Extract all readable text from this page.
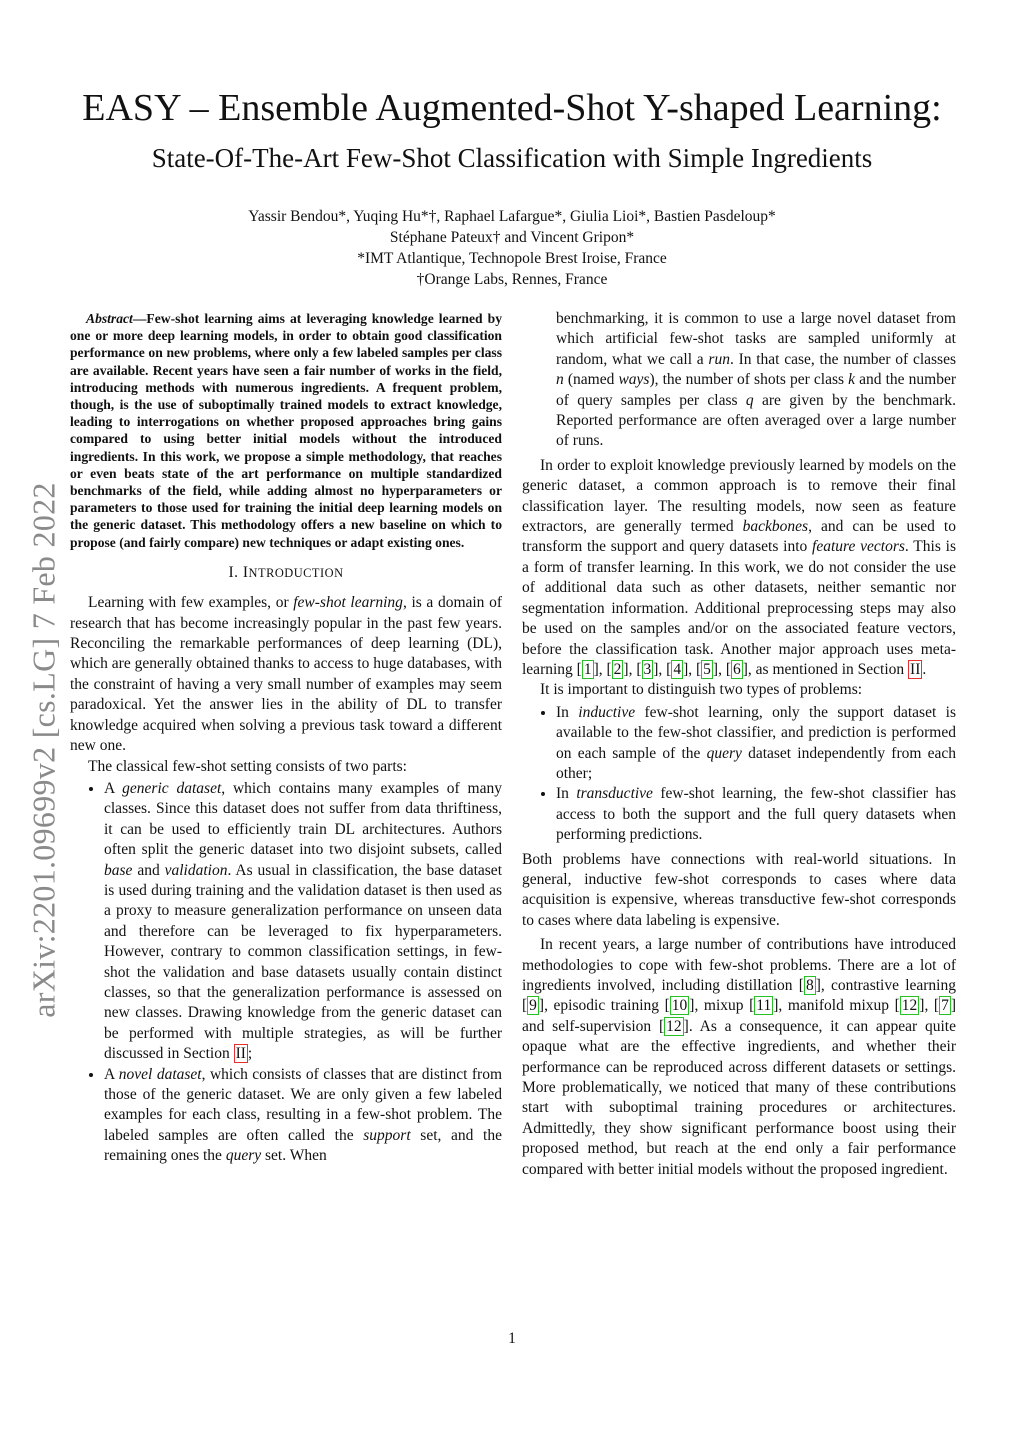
arXiv:2201.09699v2 [cs.LG] 7 Feb 2022
EASY – Ensemble Augmented-Shot Y-shaped Learning:
State-Of-The-Art Few-Shot Classification with Simple Ingredients
Yassir Bendou*, Yuqing Hu*†, Raphael Lafargue*, Giulia Lioi*, Bastien Pasdeloup*
Stéphane Pateux† and Vincent Gripon*
*IMT Atlantique, Technopole Brest Iroise, France
†Orange Labs, Rennes, France

Abstract—Few-shot learning aims at leveraging knowledge learned by one or more deep learning models, in order to obtain good classification performance on new problems, where only a few labeled samples per class are available. Recent years have seen a fair number of works in the field, introducing methods with numerous ingredients. A frequent problem, though, is the use of suboptimally trained models to extract knowledge, leading to interrogations on whether proposed approaches bring gains compared to using better initial models without the introduced ingredients. In this work, we propose a simple methodology, that reaches or even beats state of the art performance on multiple standardized benchmarks of the field, while adding almost no hyperparameters or parameters to those used for training the initial deep learning models on the generic dataset. This methodology offers a new baseline on which to propose (and fairly compare) new techniques or adapt existing ones.

I. INTRODUCTION

Learning with few examples, or few-shot learning, is a domain of research that has become increasingly popular in the past few years. Reconciling the remarkable performances of deep learning (DL), which are generally obtained thanks to access to huge databases, with the constraint of having a very small number of examples may seem paradoxical. Yet the answer lies in the ability of DL to transfer knowledge acquired when solving a previous task toward a different new one.

The classical few-shot setting consists of two parts:

• A generic dataset, which contains many examples of many classes. Since this dataset does not suffer from data thriftiness, it can be used to efficiently train DL architectures. Authors often split the generic dataset into two disjoint subsets, called base and validation. As usual in classification, the base dataset is used during training and the validation dataset is then used as a proxy to measure generalization performance on unseen data and therefore can be leveraged to fix hyperparameters. However, contrary to common classification settings, in few-shot the validation and base datasets usually contain distinct classes, so that the generalization performance is assessed on new classes. Drawing knowledge from the generic dataset can be performed with multiple strategies, as will be further discussed in Section II ;
• A novel dataset, which consists of classes that are distinct from those of the generic dataset. We are only given a few labeled examples for each class, resulting in a few-shot problem. The labeled samples are often called the support set, and the remaining ones the query set. When
benchmarking, it is common to use a large novel dataset from which artificial few-shot tasks are sampled uniformly at random, what we call a run. In that case, the number of classes n (named ways), the number of shots per class k and the number of query samples per class q are given by the benchmark. Reported performance are often averaged over a large number of runs.

In order to exploit knowledge previously learned by models on the generic dataset, a common approach is to remove their final classification layer. The resulting models, now seen as feature extractors, are generally termed backbones, and can be used to transform the support and query datasets into feature vectors. This is a form of transfer learning. In this work, we do not consider the use of additional data such as other datasets, neither semantic nor segmentation information. Additional preprocessing steps may also be used on the samples and/or on the associated feature vectors, before the classification task. Another major approach uses meta-learning [ 1 ], [ 2 ], [ 3 ], [ 4 ], [ 5 ], [ 6 ], as mentioned in Section II .

It is important to distinguish two types of problems:

• In inductive few-shot learning, only the support dataset is available to the few-shot classifier, and prediction is performed on each sample of the query dataset independently from each other;
• In transductive few-shot learning, the few-shot classifier has access to both the support and the full query datasets when performing predictions.

Both problems have connections with real-world situations. In general, inductive few-shot corresponds to cases where data acquisition is expensive, whereas transductive few-shot corresponds to cases where data labeling is expensive.

In recent years, a large number of contributions have introduced methodologies to cope with few-shot problems. There are a lot of ingredients involved, including distillation [ 8 ], contrastive learning [ 9 ], episodic training [ 10 ], mixup [ 11 ], manifold mixup [ 12 ], [ 7 ] and self-supervision [ 12 ]. As a consequence, it can appear quite opaque what are the effective ingredients, and whether their performance can be reproduced across different datasets or settings. More problematically, we noticed that many of these contributions start with suboptimal training procedures or architectures. Admittedly, they show significant performance boost using their proposed method, but reach at the end only a fair performance compared with better initial models without the proposed ingredient.

1
